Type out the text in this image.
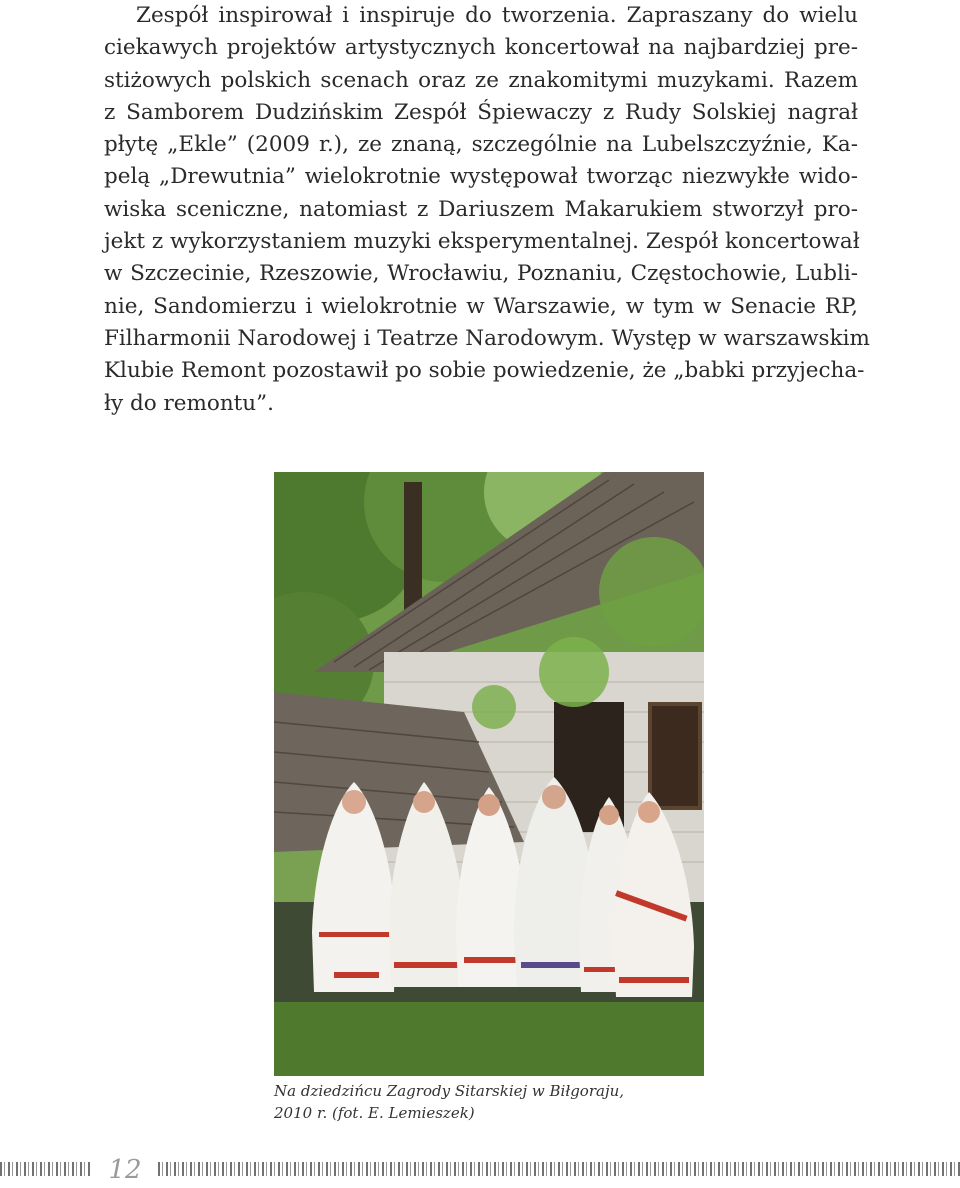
Zespół inspirował i inspiruje do tworzenia. Zapraszany do wielu
ciekawych projektów artystycznych koncertował na najbardziej pre-
stiżowych polskich scenach oraz ze znakomitymi muzykami. Razem
z Samborem Dudzińskim Zespół Śpiewaczy z Rudy Solskiej nagrał
płytę „Ekle” (2009 r.), ze znaną, szczególnie na Lubelszczyźnie, Ka-
pelą „Drewutnia” wielokrotnie występował tworząc niezwykłe wido-
wiska sceniczne, natomiast z Dariuszem Makarukiem stworzył pro-
jekt z wykorzystaniem muzyki eksperymentalnej. Zespół koncertował
w Szczecinie, Rzeszowie, Wrocławiu, Poznaniu, Częstochowie, Lubli-
nie, Sandomierzu i wielokrotnie w Warszawie, w tym w Senacie RP,
Filharmonii Narodowej i Teatrze Narodowym. Występ w warszawskim
Klubie Remont pozostawił po sobie powiedzenie, że „babki przyjecha-
ły do remontu”.
Na dziedzińcu Zagrody Sitarskiej w Biłgoraju,
2010 r. (fot. E. Lemieszek)
12
